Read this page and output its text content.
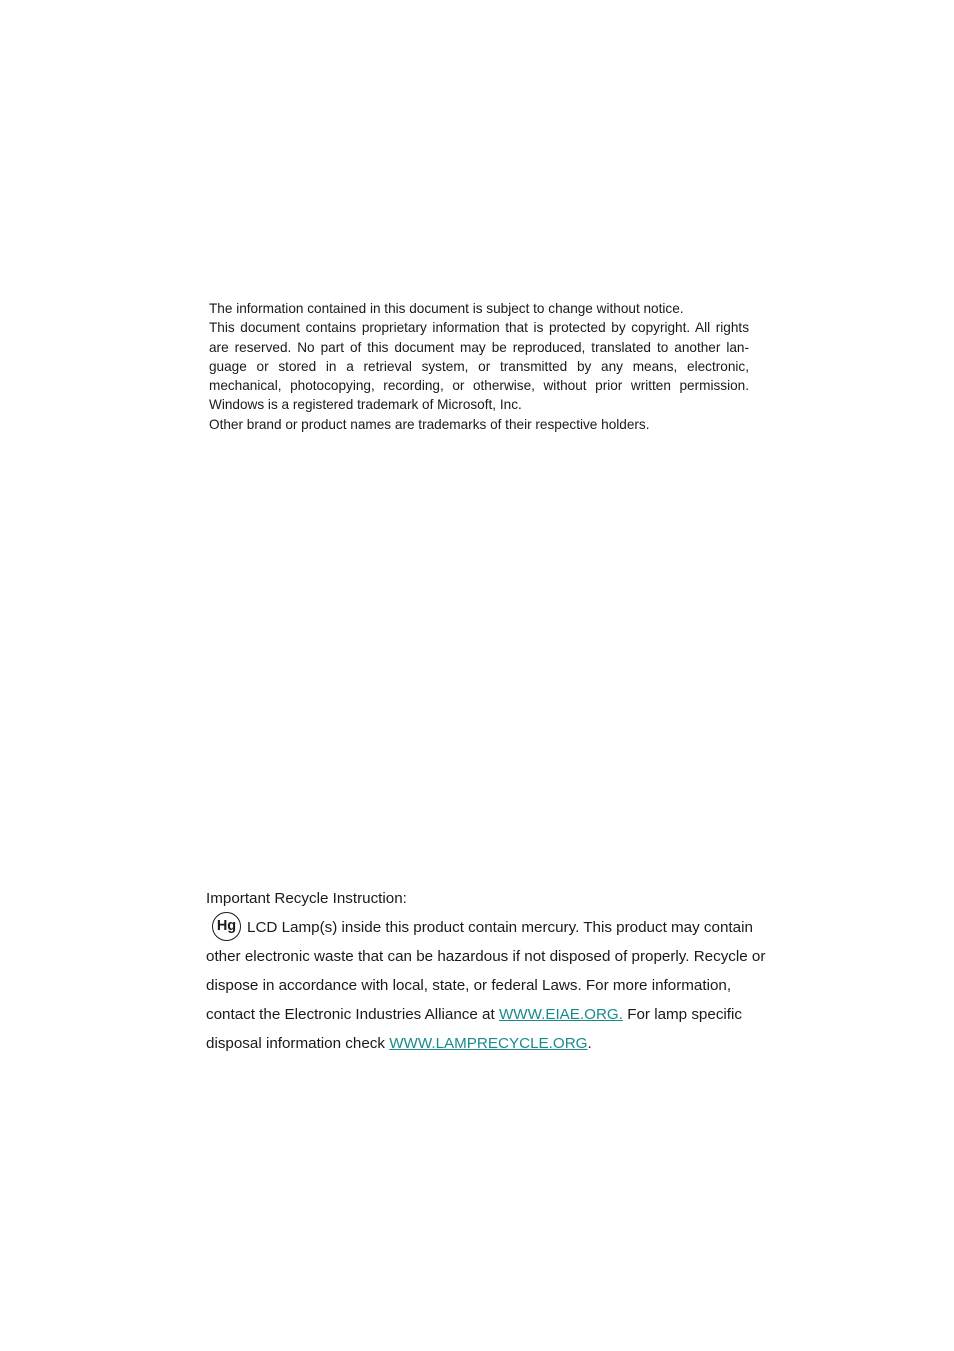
The information contained in this document is subject to change without notice.
This document contains proprietary information that is protected by copyright. All rights
are reserved. No part of this document may be reproduced, translated to another lan-
guage or stored in a retrieval system, or transmitted by any means, electronic,
mechanical, photocopying, recording, or otherwise, without prior written permission.
Windows is a registered trademark of Microsoft, Inc.
Other brand or product names are trademarks of their respective holders.
Important Recycle Instruction:
Hg LCD Lamp(s) inside this product contain mercury. This product may contain
other electronic waste that can be hazardous if not disposed of properly. Recycle or
dispose in accordance with local, state, or federal Laws. For more information,
contact the Electronic Industries Alliance at WWW.EIAE.ORG. For lamp specific
disposal information check WWW.LAMPRECYCLE.ORG.
